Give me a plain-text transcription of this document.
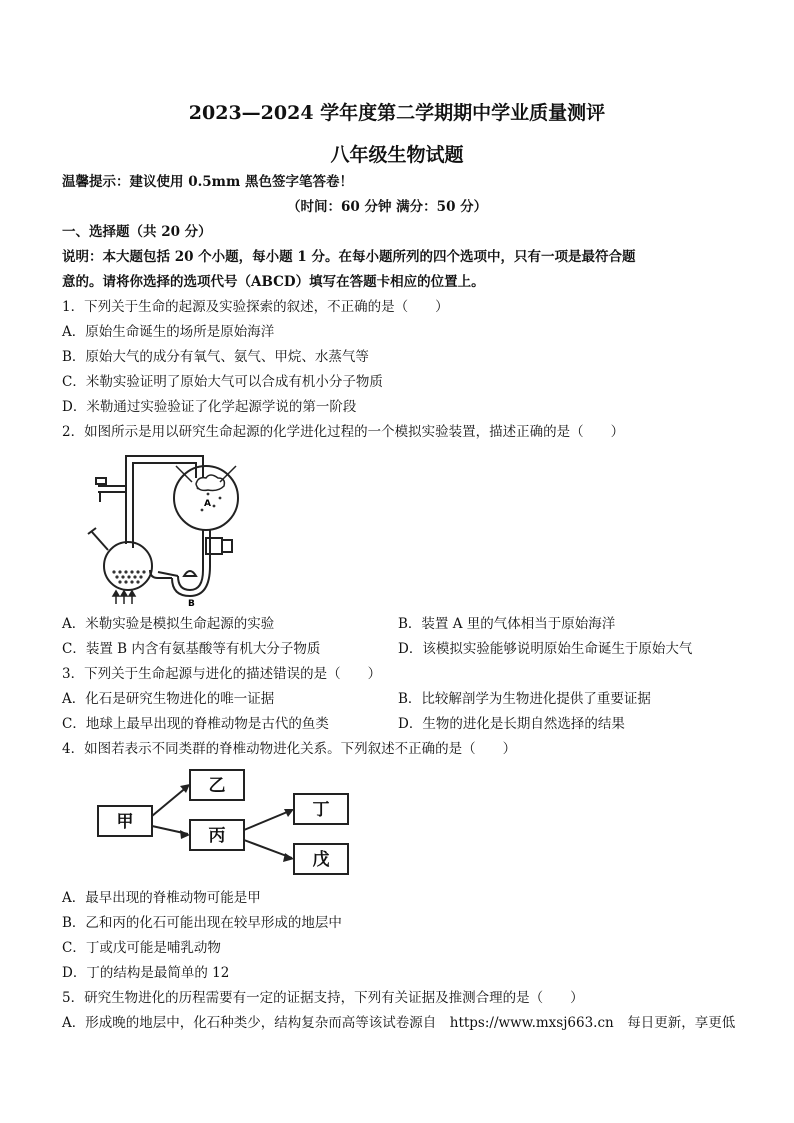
2023—2024 学年度第二学期期中学业质量测评
八年级生物试题
温馨提示：建议使用 0.5mm 黑色签字笔答卷！
（时间：60 分钟 满分：50 分）
一、选择题（共 20 分）
说明：本大题包括 20 个小题，每小题 1 分。在每小题所列的四个选项中，只有一项是最符合题
意的。请将你选择的选项代号（ABCD）填写在答题卡相应的位置上。
1．下列关于生命的起源及实验探索的叙述，不正确的是（　　）
A．原始生命诞生的场所是原始海洋
B．原始大气的成分有氧气、氨气、甲烷、水蒸气等
C．米勒实验证明了原始大气可以合成有机小分子物质
D．米勒通过实验验证了化学起源学说的第一阶段
2．如图所示是用以研究生命起源的化学进化过程的一个模拟实验装置，描述正确的是（　　）
A
B
A．米勒实验是模拟生命起源的实验	B．装置 A 里的气体相当于原始海洋
C．装置 B 内含有氨基酸等有机大分子物质	D．该模拟实验能够说明原始生命诞生于原始大气
3．下列关于生命起源与进化的描述错误的是（　　）
A．化石是研究生物进化的唯一证据	B．比较解剖学为生物进化提供了重要证据
C．地球上最早出现的脊椎动物是古代的鱼类	D．生物的进化是长期自然选择的结果
4．如图若表示不同类群的脊椎动物进化关系。下列叙述不正确的是（　　）
甲
乙
丙
丁
戊
A．最早出现的脊椎动物可能是甲
B．乙和丙的化石可能出现在较早形成的地层中
C．丁或戊可能是哺乳动物
D．丁的结构是最简单的 12
5．研究生物进化的历程需要有一定的证据支持，下列有关证据及推测合理的是（　　）
A．形成晚的地层中，化石种类少，结构复杂而高等该试卷源自　https://www.mxsj663.cn　每日更新，享更低
